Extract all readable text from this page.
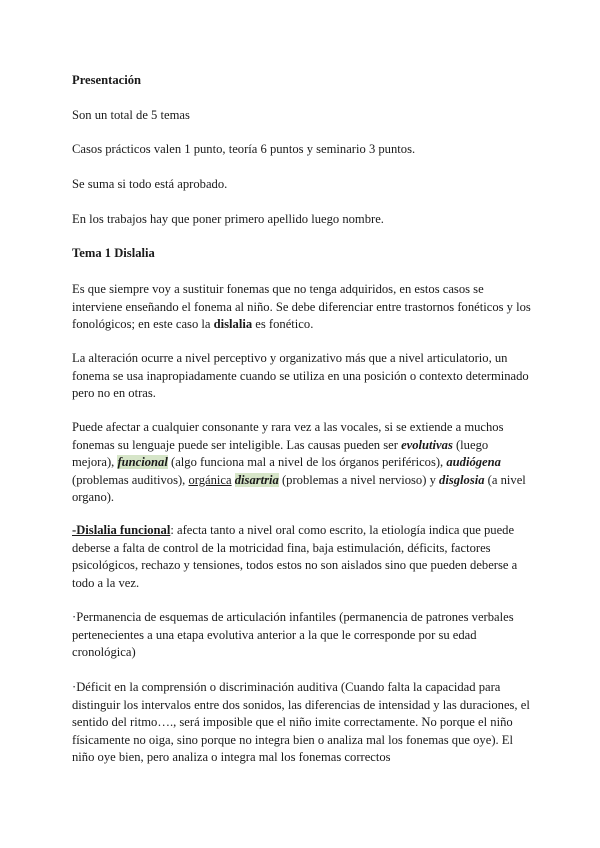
Presentación

Son un total de 5 temas

Casos prácticos valen 1 punto, teoría 6 puntos y seminario 3 puntos.

Se suma si todo está aprobado.

En los trabajos hay que poner primero apellido luego nombre.

Tema 1 Dislalia

Es que siempre voy a sustituir fonemas que no tenga adquiridos, en estos casos se interviene enseñando el fonema al niño. Se debe diferenciar entre trastornos fonéticos y los fonológicos; en este caso la dislalia es fonético.

La alteración ocurre a nivel perceptivo y organizativo más que a nivel articulatorio, un fonema se usa inapropiadamente cuando se utiliza en una posición o contexto determinado pero no en otras.

Puede afectar a cualquier consonante y rara vez a las vocales, si se extiende a muchos fonemas su lenguaje puede ser inteligible. Las causas pueden ser evolutivas (luego mejora), funcional (algo funciona mal a nivel de los órganos periféricos), audiógena (problemas auditivos), orgánica disartria (problemas a nivel nervioso) y disglosia (a nivel organo).

-Dislalia funcional: afecta tanto a nivel oral como escrito, la etiología indica que puede deberse a falta de control de la motricidad fina, baja estimulación, déficits, factores psicológicos, rechazo y tensiones, todos estos no son aislados sino que pueden deberse a todo a la vez.

·Permanencia de esquemas de articulación infantiles (permanencia de patrones verbales pertenecientes a una etapa evolutiva anterior a la que le corresponde por su edad cronológica)

·Déficit en la comprensión o discriminación auditiva (Cuando falta la capacidad para distinguir los intervalos entre dos sonidos, las diferencias de intensidad y las duraciones, el sentido del ritmo…., será imposible que el niño imite correctamente. No porque el niño físicamente no oiga, sino porque no integra bien o analiza mal los fonemas que oye). El niño oye bien, pero analiza o integra mal los fonemas correctos
